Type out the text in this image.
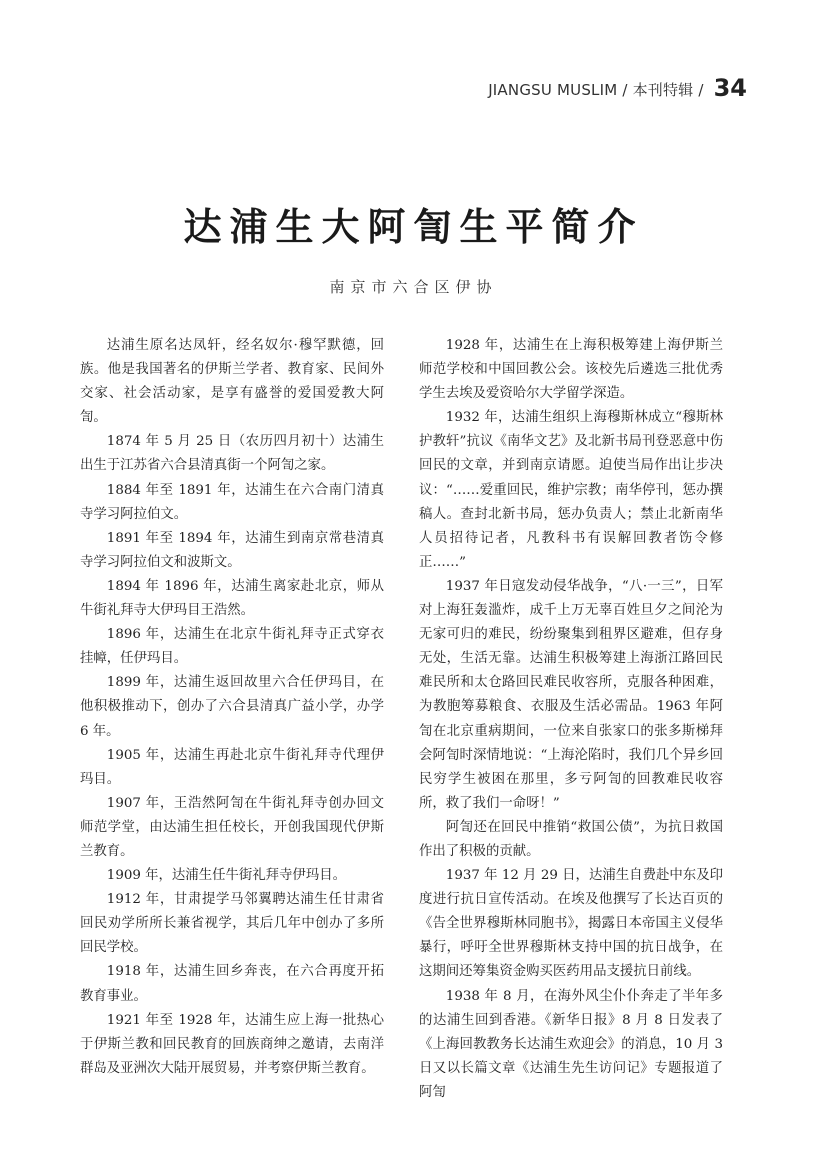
JIANGSU MUSLIM / 本刊特辑 / 34
达浦生大阿訇生平简介
南京市六合区伊协

达浦生原名达凤轩，经名奴尔·穆罕默德，回族。他是我国著名的伊斯兰学者、教育家、民间外交家、社会活动家，是享有盛誉的爱国爱教大阿訇。

1874 年 5 月 25 日（农历四月初十）达浦生出生于江苏省六合县清真街一个阿訇之家。

1884 年至 1891 年，达浦生在六合南门清真寺学习阿拉伯文。

1891 年至 1894 年，达浦生到南京常巷清真寺学习阿拉伯文和波斯文。

1894 年 1896 年，达浦生离家赴北京，师从牛街礼拜寺大伊玛目王浩然。

1896 年，达浦生在北京牛街礼拜寺正式穿衣挂幛，任伊玛目。

1899 年，达浦生返回故里六合任伊玛目，在他积极推动下，创办了六合县清真广益小学，办学 6 年。

1905 年，达浦生再赴北京牛街礼拜寺代理伊玛目。

1907 年，王浩然阿訇在牛街礼拜寺创办回文师范学堂，由达浦生担任校长，开创我国现代伊斯兰教育。

1909 年，达浦生任牛街礼拜寺伊玛目。

1912 年，甘肃提学马邻翼聘达浦生任甘肃省回民劝学所所长兼省视学，其后几年中创办了多所回民学校。

1918 年，达浦生回乡奔丧，在六合再度开拓教育事业。

1921 年至 1928 年，达浦生应上海一批热心于伊斯兰教和回民教育的回族商绅之邀请，去南洋群岛及亚洲次大陆开展贸易，并考察伊斯兰教育。

1928 年，达浦生在上海积极筹建上海伊斯兰师范学校和中国回教公会。该校先后遴选三批优秀学生去埃及爱资哈尔大学留学深造。

1932 年，达浦生组织上海穆斯林成立“穆斯林护教轩”抗议《南华文艺》及北新书局刊登恶意中伤回民的文章，并到南京请愿。迫使当局作出让步决议：“……爱重回民，维护宗教；南华停刊，惩办撰稿人。查封北新书局，惩办负责人；禁止北新南华人员招待记者，凡教科书有误解回教者饬令修正……”

1937 年日寇发动侵华战争，“八·一三”，日军对上海狂轰滥炸，成千上万无辜百姓旦夕之间沦为无家可归的难民，纷纷聚集到租界区避难，但存身无处，生活无靠。达浦生积极筹建上海浙江路回民难民所和太仓路回民难民收容所，克服各种困难，为教胞筹募粮食、衣服及生活必需品。1963 年阿訇在北京重病期间，一位来自张家口的张多斯梯拜会阿訇时深情地说：“上海沦陷时，我们几个异乡回民穷学生被困在那里，多亏阿訇的回教难民收容所，救了我们一命呀！”

阿訇还在回民中推销“救国公债”，为抗日救国作出了积极的贡献。

1937 年 12 月 29 日，达浦生自费赴中东及印度进行抗日宣传活动。在埃及他撰写了长达百页的《告全世界穆斯林同胞书》，揭露日本帝国主义侵华暴行，呼吁全世界穆斯林支持中国的抗日战争，在这期间还筹集资金购买医药用品支援抗日前线。

1938 年 8 月，在海外风尘仆仆奔走了半年多的达浦生回到香港。《新华日报》8 月 8 日发表了《上海回教教务长达浦生欢迎会》的消息，10 月 3 日又以长篇文章《达浦生先生访问记》专题报道了阿訇
